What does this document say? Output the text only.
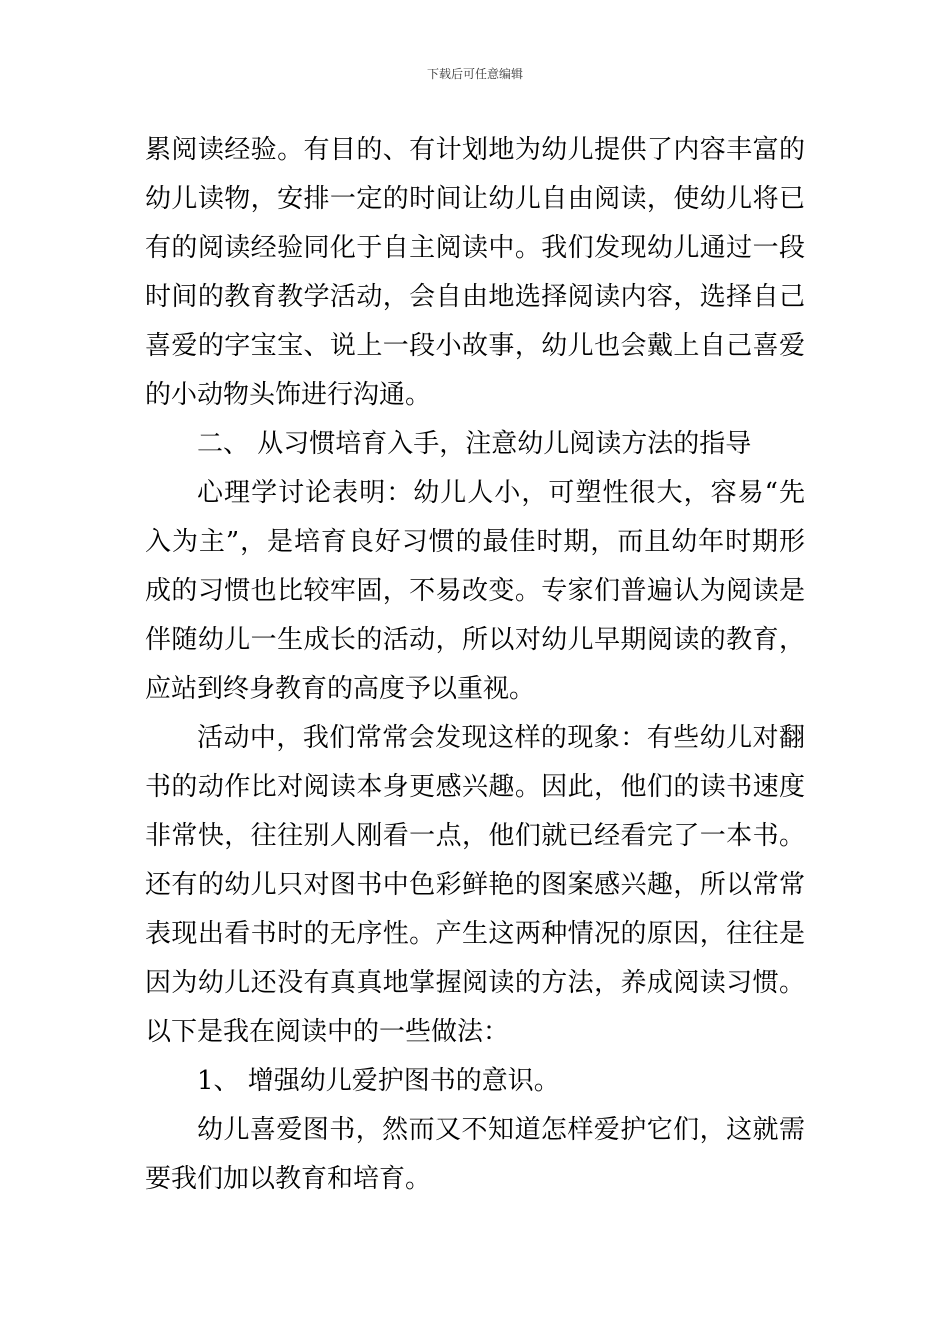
下载后可任意编辑
累阅读经验。有目的、有计划地为幼儿提供了内容丰富的
幼儿读物，安排一定的时间让幼儿自由阅读，使幼儿将已
有的阅读经验同化于自主阅读中。我们发现幼儿通过一段
时间的教育教学活动，会自由地选择阅读内容，选择自己
喜爱的字宝宝、说上一段小故事，幼儿也会戴上自己喜爱
的小动物头饰进行沟通。
二、 从习惯培育入手，注意幼儿阅读方法的指导
心理学讨论表明：幼儿人小，可塑性很大，容易“先
入为主”，是培育良好习惯的最佳时期，而且幼年时期形
成的习惯也比较牢固，不易改变。专家们普遍认为阅读是
伴随幼儿一生成长的活动，所以对幼儿早期阅读的教育，
应站到终身教育的高度予以重视。
活动中，我们常常会发现这样的现象：有些幼儿对翻
书的动作比对阅读本身更感兴趣。因此，他们的读书速度
非常快，往往别人刚看一点，他们就已经看完了一本书。
还有的幼儿只对图书中色彩鲜艳的图案感兴趣，所以常常
表现出看书时的无序性。产生这两种情况的原因，往往是
因为幼儿还没有真真地掌握阅读的方法，养成阅读习惯。
以下是我在阅读中的一些做法：
1、 增强幼儿爱护图书的意识。
幼儿喜爱图书，然而又不知道怎样爱护它们，这就需
要我们加以教育和培育。
